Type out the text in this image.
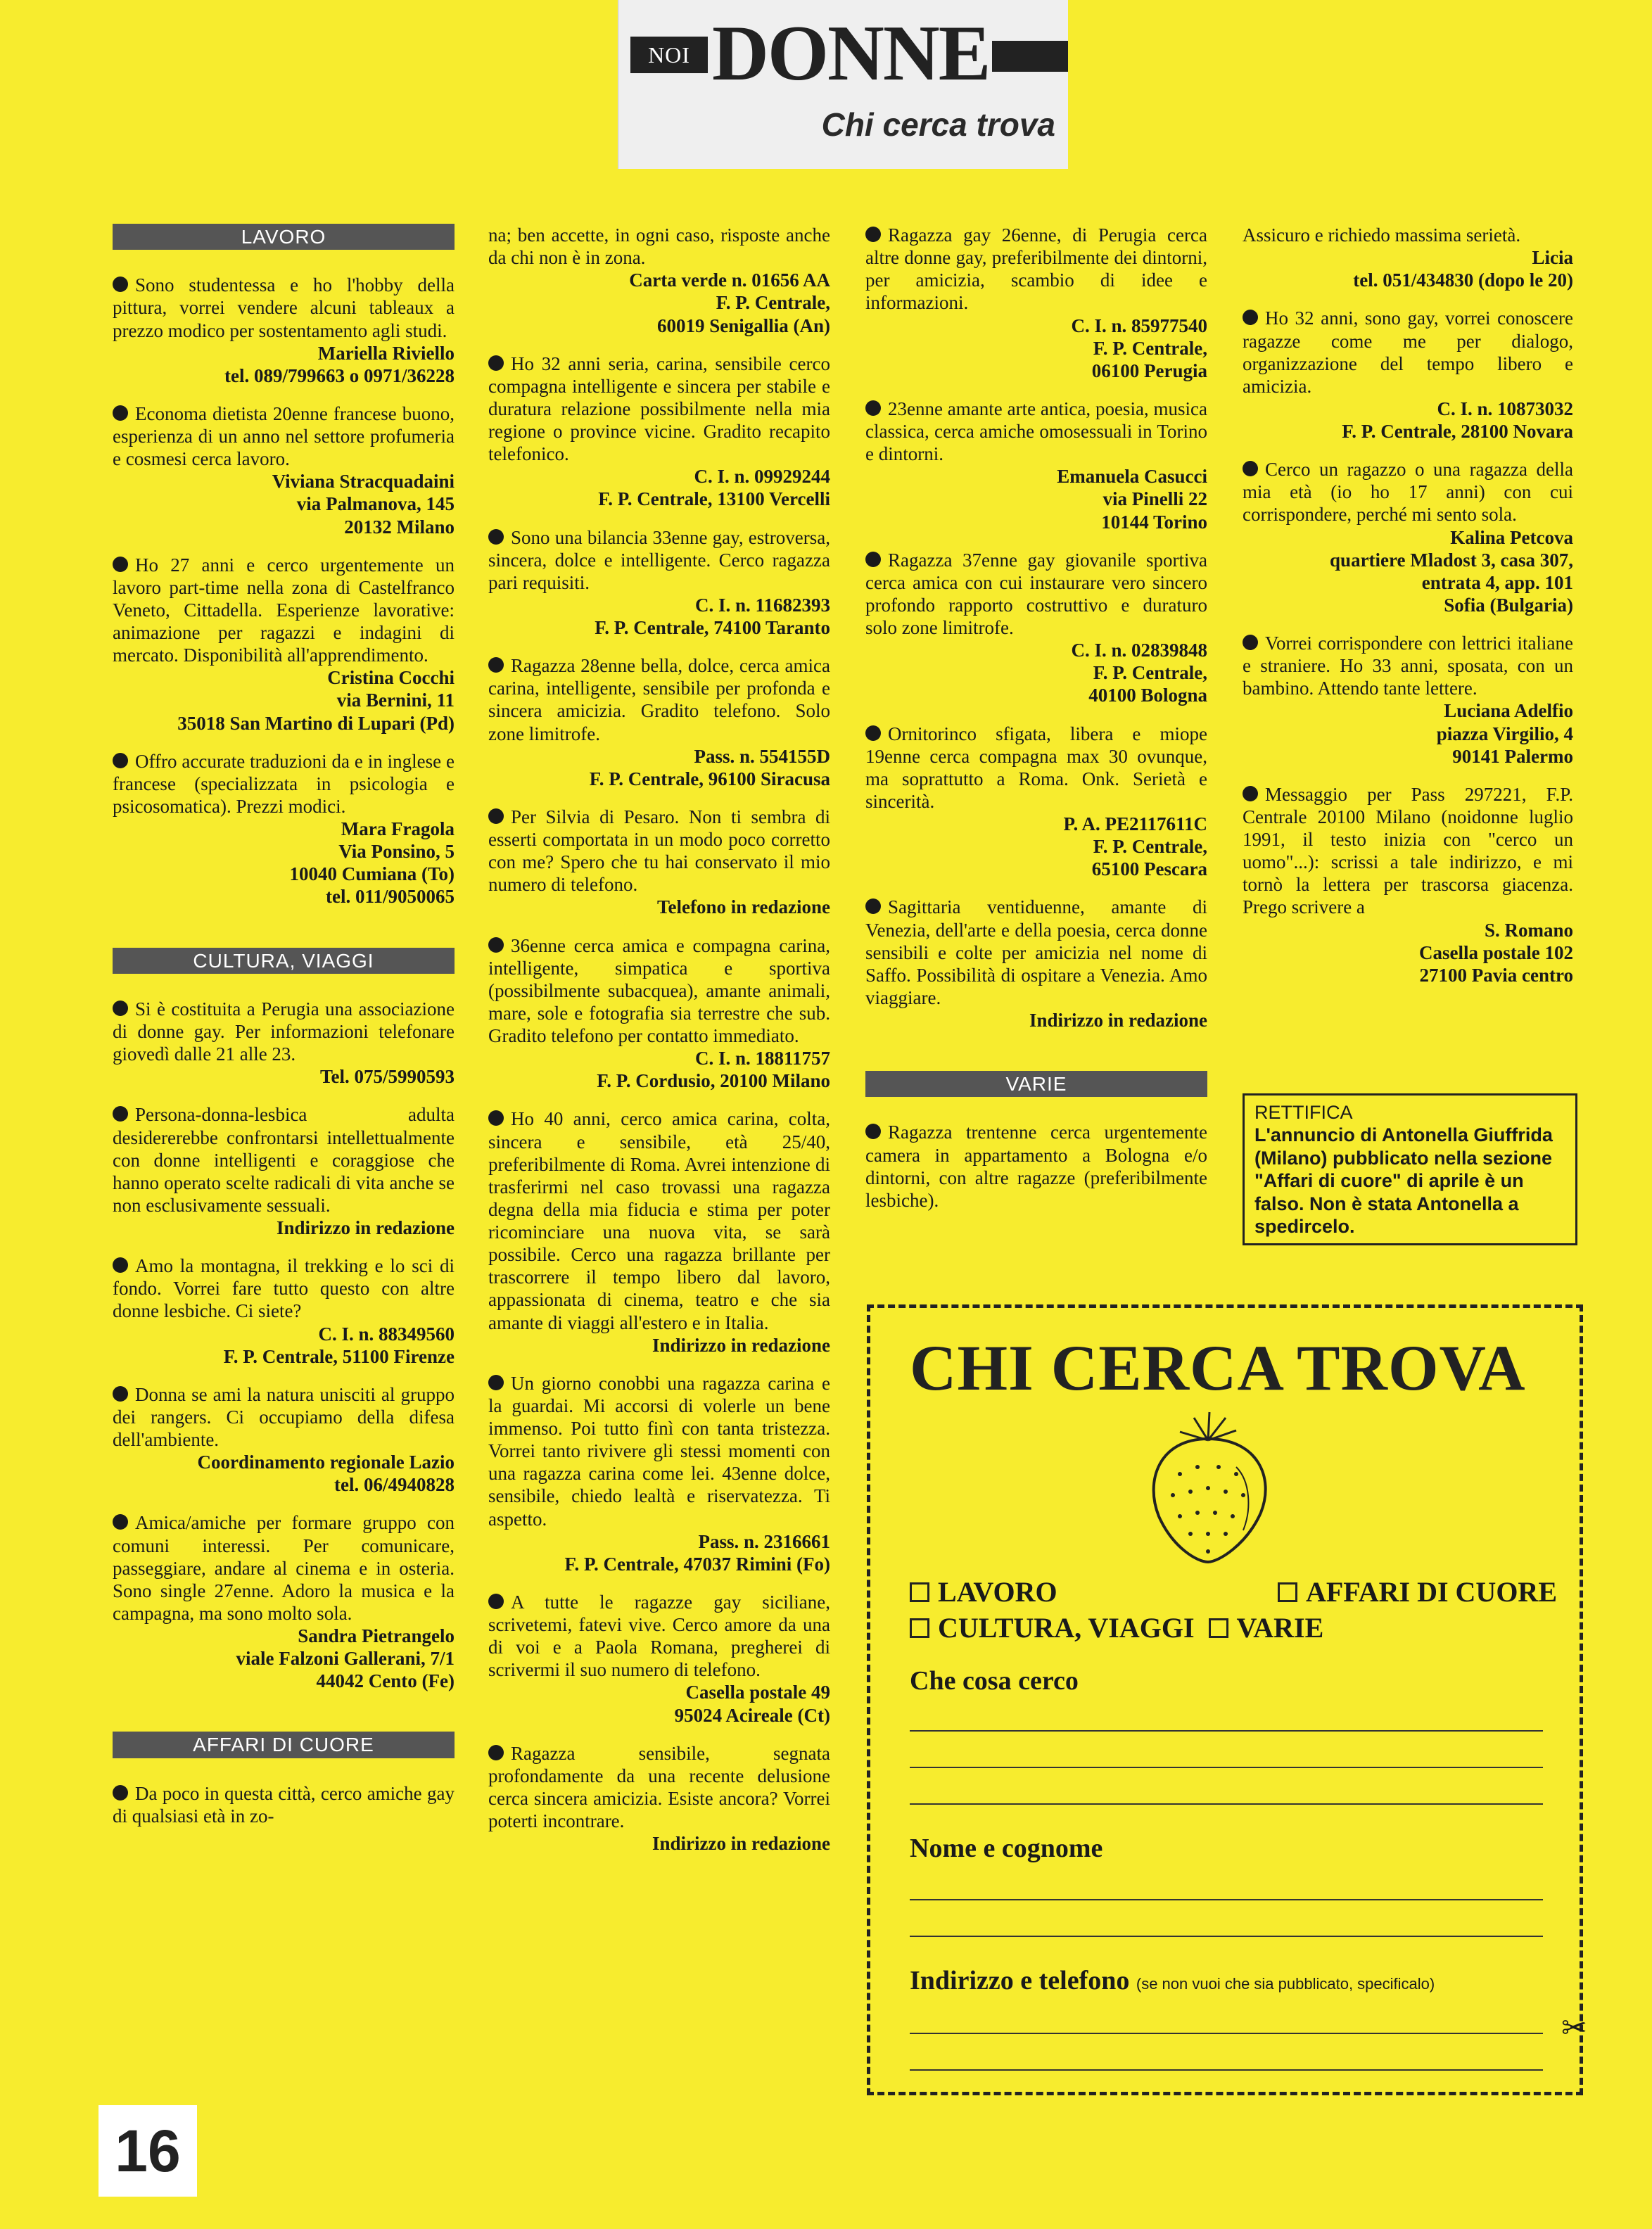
NOI DONNE
Chi cerca trova
LAVORO
Sono studentessa e ho l'hobby della pittura, vorrei vendere alcuni tableaux a prezzo modico per sostentamento agli studi.
Mariella Riviello
tel. 089/799663 o 0971/36228
Economa dietista 20enne francese buono, esperienza di un anno nel settore profumeria e cosmesi cerca lavoro.
Viviana Stracquadaini
via Palmanova, 145
20132 Milano
Ho 27 anni e cerco urgentemente un lavoro part-time nella zona di Castelfranco Veneto, Cittadella. Esperienze lavorative: animazione per ragazzi e indagini di mercato. Disponibilità all'apprendimento.
Cristina Cocchi
via Bernini, 11
35018 San Martino di Lupari (Pd)
Offro accurate traduzioni da e in inglese e francese (specializzata in psicologia e psicosomatica). Prezzi modici.
Mara Fragola
Via Ponsino, 5
10040 Cumiana (To)
tel. 011/9050065
CULTURA, VIAGGI
Si è costituita a Perugia una associazione di donne gay. Per informazioni telefonare giovedì dalle 21 alle 23.
Tel. 075/5990593
Persona-donna-lesbica adulta desidererebbe confrontarsi intellettualmente con donne intelligenti e coraggiose che hanno operato scelte radicali di vita anche se non esclusivamente sessuali.
Indirizzo in redazione
Amo la montagna, il trekking e lo sci di fondo. Vorrei fare tutto questo con altre donne lesbiche. Ci siete?
C. I. n. 88349560
F. P. Centrale, 51100 Firenze
Donna se ami la natura unisciti al gruppo dei rangers. Ci occupiamo della difesa dell'ambiente.
Coordinamento regionale Lazio
tel. 06/4940828
Amica/amiche per formare gruppo con comuni interessi. Per comunicare, passeggiare, andare al cinema e in osteria. Sono single 27enne. Adoro la musica e la campagna, ma sono molto sola.
Sandra Pietrangelo
viale Falzoni Gallerani, 7/1
44042 Cento (Fe)
AFFARI DI CUORE
Da poco in questa città, cerco amiche gay di qualsiasi età in zo-
na; ben accette, in ogni caso, risposte anche da chi non è in zona.
Carta verde n. 01656 AA
F. P. Centrale,
60019 Senigallia (An)
Ho 32 anni seria, carina, sensibile cerco compagna intelligente e sincera per stabile e duratura relazione possibilmente nella mia regione o province vicine. Gradito recapito telefonico.
C. I. n. 09929244
F. P. Centrale, 13100 Vercelli
Sono una bilancia 33enne gay, estroversa, sincera, dolce e intelligente. Cerco ragazza pari requisiti.
C. I. n. 11682393
F. P. Centrale, 74100 Taranto
Ragazza 28enne bella, dolce, cerca amica carina, intelligente, sensibile per profonda e sincera amicizia. Gradito telefono. Solo zone limitrofe.
Pass. n. 554155D
F. P. Centrale, 96100 Siracusa
Per Silvia di Pesaro. Non ti sembra di esserti comportata in un modo poco corretto con me? Spero che tu hai conservato il mio numero di telefono.
Telefono in redazione
36enne cerca amica e compagna carina, intelligente, simpatica e sportiva (possibilmente subacquea), amante animali, mare, sole e fotografia sia terrestre che sub. Gradito telefono per contatto immediato.
C. I. n. 18811757
F. P. Cordusio, 20100 Milano
Ho 40 anni, cerco amica carina, colta, sincera e sensibile, età 25/40, preferibilmente di Roma. Avrei intenzione di trasferirmi nel caso trovassi una ragazza degna della mia fiducia e stima per poter ricominciare una nuova vita, se sarà possibile. Cerco una ragazza brillante per trascorrere il tempo libero dal lavoro, appassionata di cinema, teatro e che sia amante di viaggi all'estero e in Italia.
Indirizzo in redazione
Un giorno conobbi una ragazza carina e la guardai. Mi accorsi di volerle un bene immenso. Poi tutto finì con tanta tristezza. Vorrei tanto rivivere gli stessi momenti con una ragazza carina come lei. 43enne dolce, sensibile, chiedo lealtà e riservatezza. Ti aspetto.
Pass. n. 2316661
F. P. Centrale, 47037 Rimini (Fo)
A tutte le ragazze gay siciliane, scrivetemi, fatevi vive. Cerco amore da una di voi e a Paola Romana, pregherei di scrivermi il suo numero di telefono.
Casella postale 49
95024 Acireale (Ct)
Ragazza sensibile, segnata profondamente da una recente delusione cerca sincera amicizia. Esiste ancora? Vorrei poterti incontrare.
Indirizzo in redazione
Ragazza gay 26enne, di Perugia cerca altre donne gay, preferibilmente dei dintorni, per amicizia, scambio di idee e informazioni.
C. I. n. 85977540
F. P. Centrale,
06100 Perugia
23enne amante arte antica, poesia, musica classica, cerca amiche omosessuali in Torino e dintorni.
Emanuela Casucci
via Pinelli 22
10144 Torino
Ragazza 37enne gay giovanile sportiva cerca amica con cui instaurare vero sincero profondo rapporto costruttivo e duraturo solo zone limitrofe.
C. I. n. 02839848
F. P. Centrale,
40100 Bologna
Ornitorinco sfigata, libera e miope 19enne cerca compagna max 30 ovunque, ma soprattutto a Roma. Onk. Serietà e sincerità.
P. A. PE2117611C
F. P. Centrale,
65100 Pescara
Sagittaria ventiduenne, amante di Venezia, dell'arte e della poesia, cerca donne sensibili e colte per amicizia nel nome di Saffo. Possibilità di ospitare a Venezia. Amo viaggiare.
Indirizzo in redazione
VARIE
Ragazza trentenne cerca urgentemente camera in appartamento a Bologna e/o dintorni, con altre ragazze (preferibilmente lesbiche).
Assicuro e richiedo massima serietà.
Licia
tel. 051/434830 (dopo le 20)
Ho 32 anni, sono gay, vorrei conoscere ragazze come me per dialogo, organizzazione del tempo libero e amicizia.
C. I. n. 10873032
F. P. Centrale, 28100 Novara
Cerco un ragazzo o una ragazza della mia età (io ho 17 anni) con cui corrispondere, perché mi sento sola.
Kalina Petcova
quartiere Mladost 3, casa 307,
entrata 4, app. 101
Sofia (Bulgaria)
Vorrei corrispondere con lettrici italiane e straniere. Ho 33 anni, sposata, con un bambino. Attendo tante lettere.
Luciana Adelfio
piazza Virgilio, 4
90141 Palermo
Messaggio per Pass 297221, F.P. Centrale 20100 Milano (noidonne luglio 1991, il testo inizia con "cerco un uomo"...): scrissi a tale indirizzo, e mi tornò la lettera per trascorsa giacenza. Prego scrivere a
S. Romano
Casella postale 102
27100 Pavia centro
RETTIFICA
L'annuncio di Antonella Giuffrida (Milano) pubblicato nella sezione "Affari di cuore" di aprile è un falso. Non è stata Antonella a spedircelo.
CHI CERCA TROVA
LAVORO	AFFARI DI CUORE
CULTURA, VIAGGI VARIE
Che cosa cerco
Nome e cognome
Indirizzo e telefono (se non vuoi che sia pubblicato, specificalo)
✂
16
